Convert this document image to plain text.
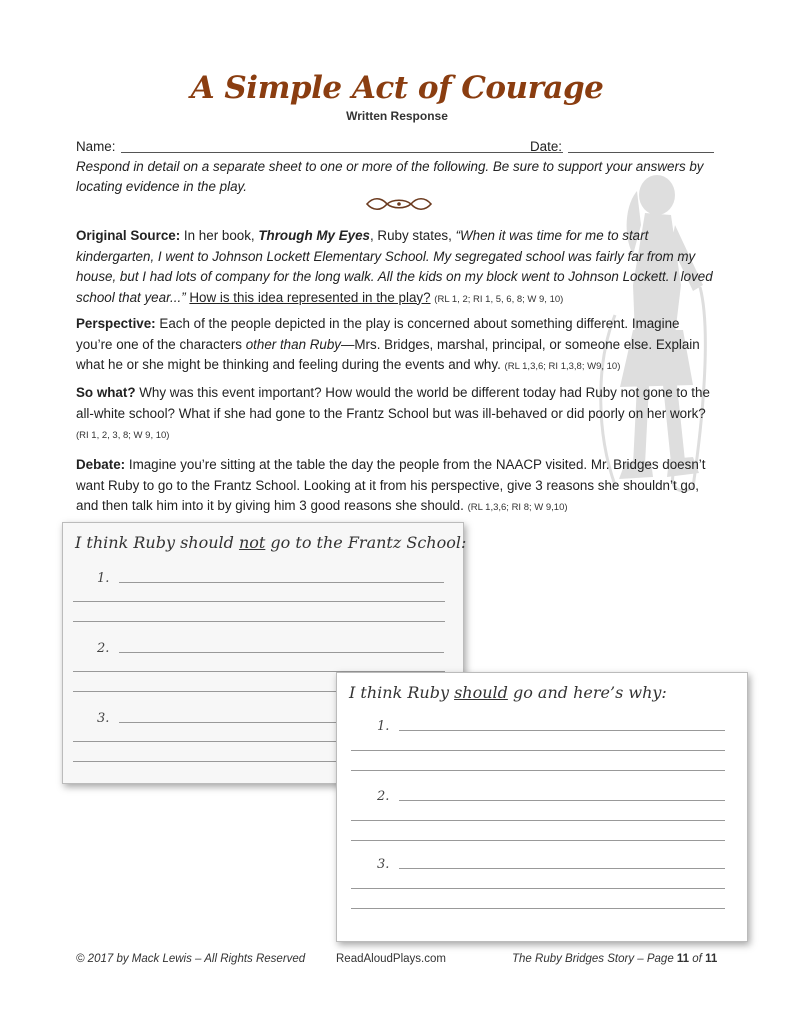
A Simple Act of Courage
Written Response
Name:	Date:
Respond in detail on a separate sheet to one or more of the following. Be sure to support your answers by locating evidence in the play.
Original Source: In her book, Through My Eyes, Ruby states, “When it was time for me to start kindergarten, I went to Johnson Lockett Elementary School. My segregated school was fairly far from my house, but I had lots of company for the long walk. All the kids on my block went to Johnson Lockett. I loved school that year...” How is this idea represented in the play? (RL 1, 2; RI 1, 5, 6, 8; W 9, 10)
Perspective: Each of the people depicted in the play is concerned about something different. Imagine you’re one of the characters other than Ruby—Mrs. Bridges, marshal, principal, or someone else. Explain what he or she might be thinking and feeling during the events and why. (RL 1,3,6; RI 1,3,8; W9, 10)
So what? Why was this event important? How would the world be different today had Ruby not gone to the all-white school? What if she had gone to the Frantz School but was ill-behaved or did poorly on her work? (RI 1, 2, 3, 8; W 9, 10)
Debate: Imagine you’re sitting at the table the day the people from the NAACP visited. Mr. Bridges doesn’t want Ruby to go to the Frantz School. Looking at it from his perspective, give 3 reasons she shouldn’t go, and then talk him into it by giving him 3 good reasons she should. (RL 1,3,6; RI 8; W 9,10)
I think Ruby should not go to the Frantz School:
1.
2.
3.
I think Ruby should go and here’s why:
1.
2.
3.
© 2017 by Mack Lewis – All Rights Reserved	ReadAloudPlays.com	The Ruby Bridges Story – Page 11 of 11
